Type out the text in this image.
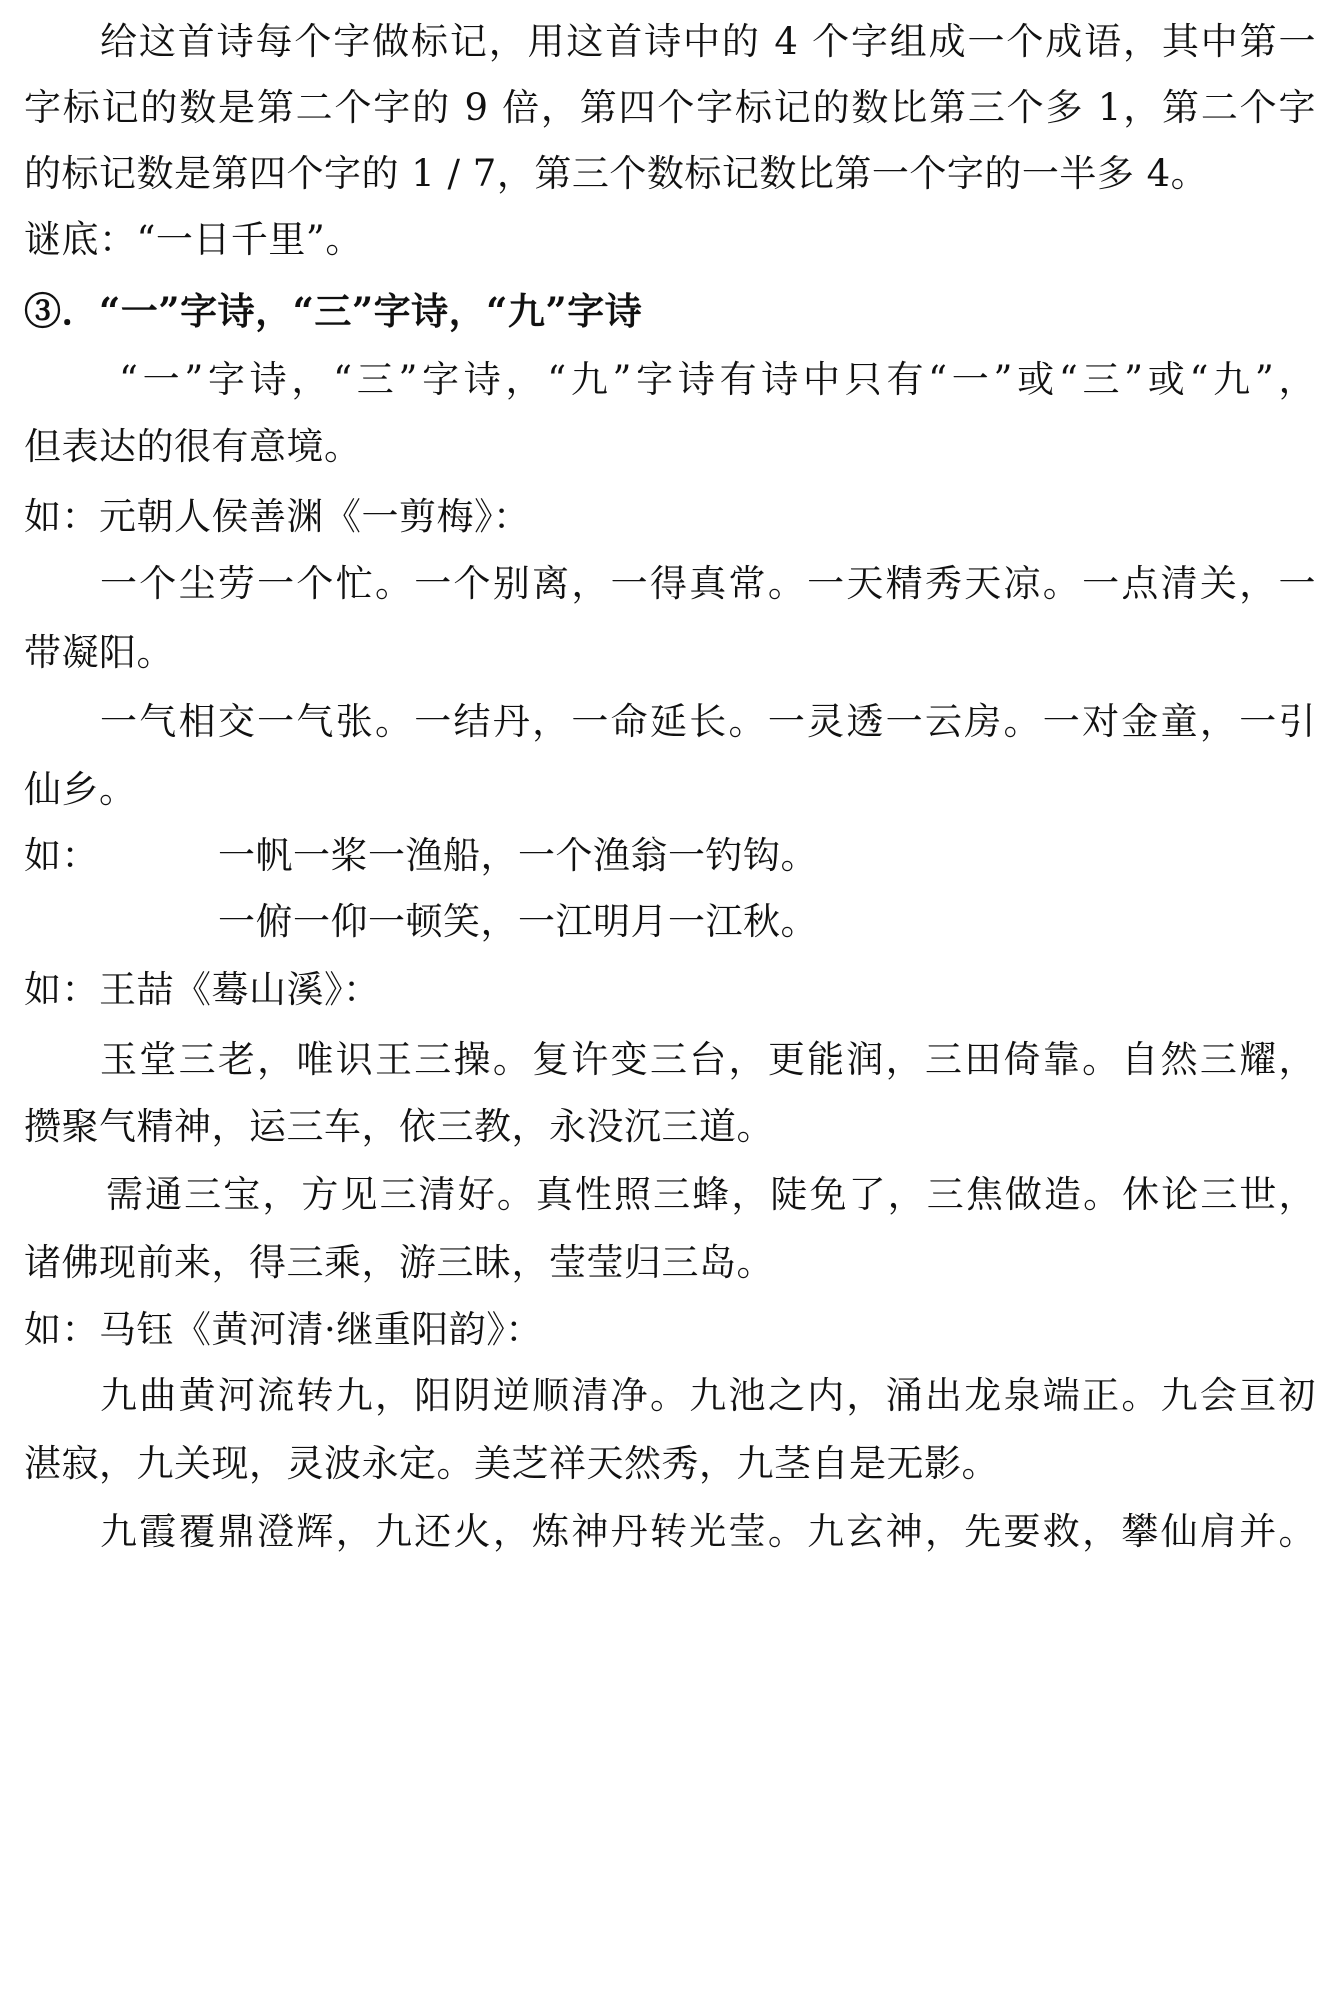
给这首诗每个字做标记，用这首诗中的 4 个字组成一个成语，其中第一
字标记的数是第二个字的 9 倍，第四个字标记的数比第三个多 1，第二个字
的标记数是第四个字的 1 / 7，第三个数标记数比第一个字的一半多 4。
谜底：“一日千里”。
③．“一”字诗，“三”字诗，“九”字诗
“一”字诗，“三”字诗，“九”字诗有诗中只有“一”或“三”或“九”，
但表达的很有意境。
如：元朝人侯善渊《一剪梅》：
一个尘劳一个忙。一个别离，一得真常。一天精秀天凉。一点清关，一
带凝阳。
一气相交一气张。一结丹，一命延长。一灵透一云房。一对金童，一引
仙乡。
如：	一帆一桨一渔船，一个渔翁一钓钩。
一俯一仰一顿笑，一江明月一江秋。
如：王喆《蓦山溪》：
玉堂三老，唯识王三操。复许变三台，更能润，三田倚靠。自然三耀，
攒聚气精神，运三车，依三教，永没沉三道。
需通三宝，方见三清好。真性照三蜂，陡免了，三焦做造。休论三世，
诸佛现前来，得三乘，游三昧，莹莹归三岛。
如：马钰《黄河清·继重阳韵》：
九曲黄河流转九，阳阴逆顺清净。九池之内，涌出龙泉端正。九会亘初
湛寂，九关现，灵波永定。美芝祥天然秀，九茎自是无影。
九霞覆鼎澄辉，九还火，炼神丹转光莹。九玄神，先要救，攀仙肩并。
